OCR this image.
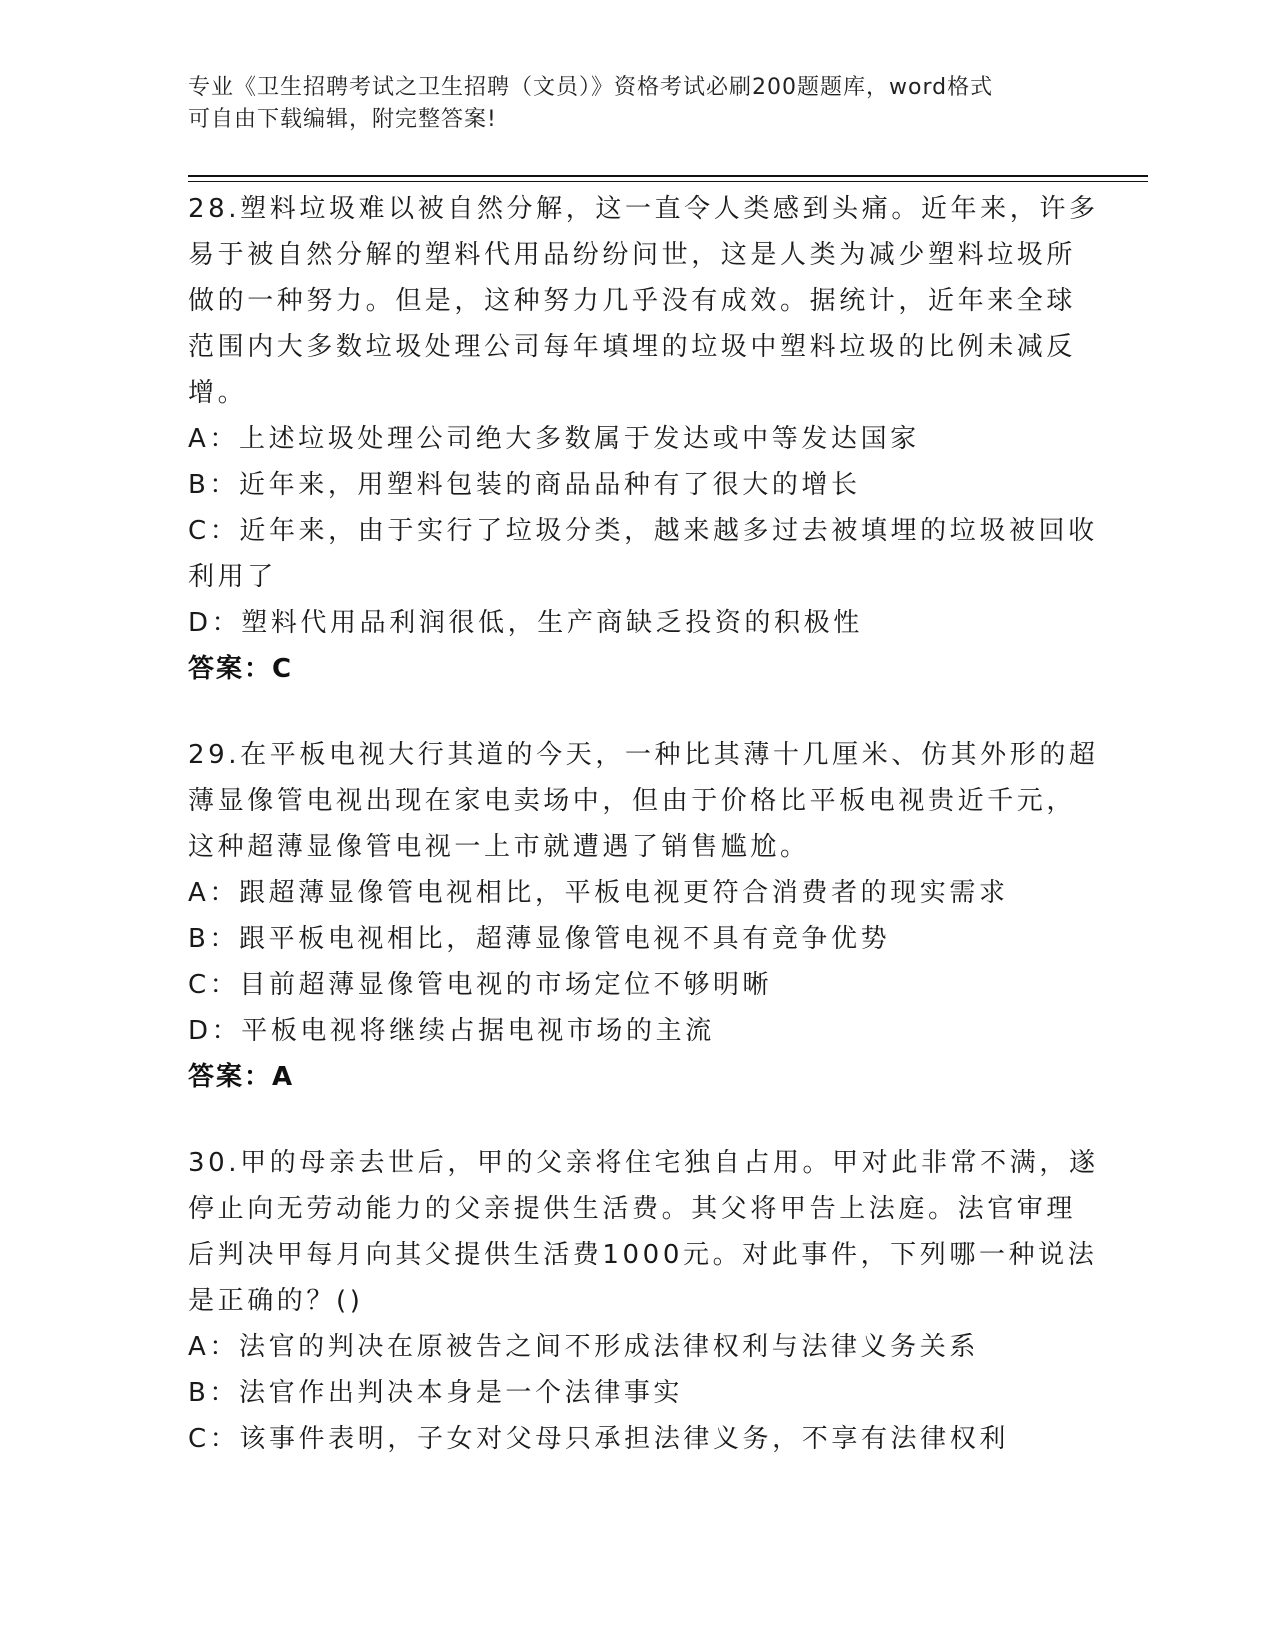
专业《卫生招聘考试之卫生招聘（文员）》资格考试必刷200题题库，word格式
可自由下载编辑，附完整答案!
28.塑料垃圾难以被自然分解，这一直令人类感到头痛。近年来，许多
易于被自然分解的塑料代用品纷纷问世，这是人类为减少塑料垃圾所
做的一种努力。但是，这种努力几乎没有成效。据统计，近年来全球
范围内大多数垃圾处理公司每年填埋的垃圾中塑料垃圾的比例未减反
增。
A：上述垃圾处理公司绝大多数属于发达或中等发达国家
B：近年来，用塑料包装的商品品种有了很大的增长
C：近年来，由于实行了垃圾分类，越来越多过去被填埋的垃圾被回收
利用了
D：塑料代用品利润很低，生产商缺乏投资的积极性
答案：C
29.在平板电视大行其道的今天，一种比其薄十几厘米、仿其外形的超
薄显像管电视出现在家电卖场中，但由于价格比平板电视贵近千元，
这种超薄显像管电视一上市就遭遇了销售尴尬。
A：跟超薄显像管电视相比，平板电视更符合消费者的现实需求
B：跟平板电视相比，超薄显像管电视不具有竞争优势
C：目前超薄显像管电视的市场定位不够明晰
D：平板电视将继续占据电视市场的主流
答案：A
30.甲的母亲去世后，甲的父亲将住宅独自占用。甲对此非常不满，遂
停止向无劳动能力的父亲提供生活费。其父将甲告上法庭。法官审理
后判决甲每月向其父提供生活费1000元。对此事件，下列哪一种说法
是正确的？()
A：法官的判决在原被告之间不形成法律权利与法律义务关系
B：法官作出判决本身是一个法律事实
C：该事件表明，子女对父母只承担法律义务，不享有法律权利
